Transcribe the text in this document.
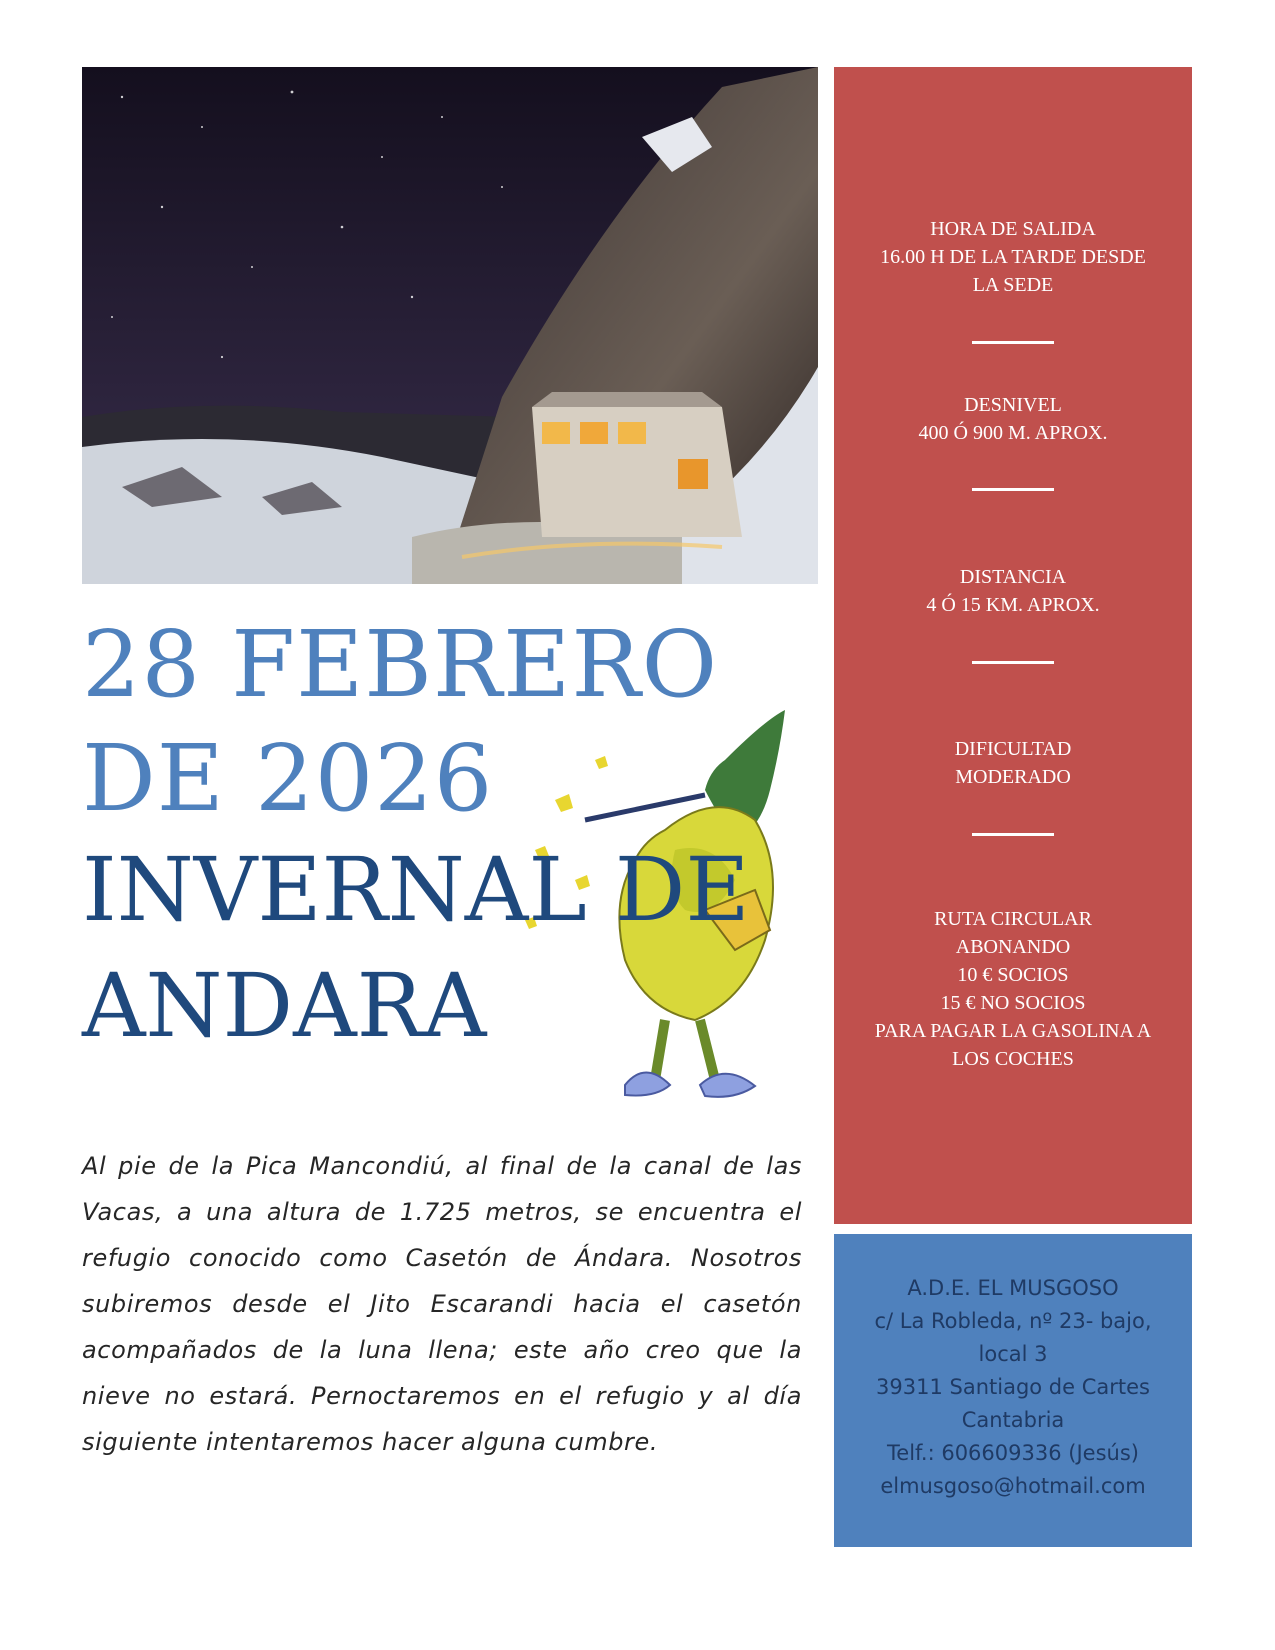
28 FEBRERO
DE 2026
INVERNAL DE
ANDARA
Al pie de la Pica Mancondiú, al final de la canal de las Vacas, a una altura de 1.725 metros, se encuentra el refugio conocido como Casetón de Ándara. Nosotros subiremos desde el Jito Escarandi hacia el casetón acompañados de la luna llena; este año creo que la nieve no estará. Pernoctaremos en el refugio y al día siguiente intentaremos hacer alguna cumbre.
HORA DE SALIDA
16.00 H DE LA TARDE DESDE
LA SEDE
DESNIVEL
400 Ó 900 M. APROX.
DISTANCIA
4 Ó 15 KM. APROX.
DIFICULTAD
MODERADO
RUTA CIRCULAR
ABONANDO
10 € SOCIOS
15 € NO SOCIOS
PARA PAGAR LA GASOLINA A
LOS COCHES
A.D.E. EL MUSGOSO
c/ La Robleda, nº 23- bajo,
local 3
39311 Santiago de Cartes
Cantabria
Telf.: 606609336 (Jesús)
elmusgoso@hotmail.com
